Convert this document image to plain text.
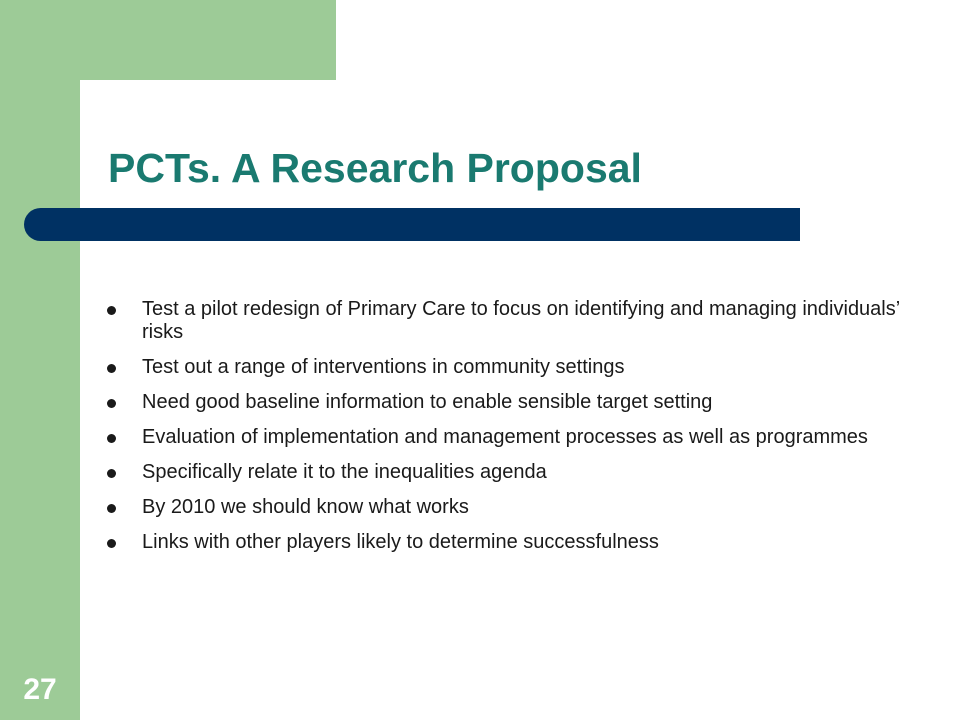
PCTs. A Research Proposal
Test a pilot redesign of Primary Care to focus on identifying and managing individuals’ risks
Test out a range of interventions in community settings
Need good baseline information to enable sensible target setting
Evaluation of implementation and management processes as well as programmes
Specifically relate it to the inequalities agenda
By 2010 we should know what works
Links with other players likely to determine successfulness
27
